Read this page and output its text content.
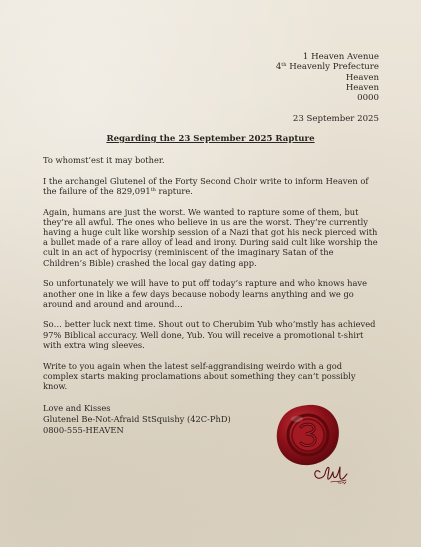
1 Heaven Avenue
4th Heavenly Prefecture
Heaven
Heaven
0000
23 September 2025
Regarding the 23 September 2025 Rapture

To whomst’est it may bother.

I the archangel Glutenel of the Forty Second Choir write to inform Heaven of the failure of the 829,091th rapture.

Again, humans are just the worst. We wanted to rapture some of them, but they’re all awful. The ones who believe in us are the worst. They’re currently having a huge cult like worship session of a Nazi that got his neck pierced with a bullet made of a rare alloy of lead and irony. During said cult like worship the cult in an act of hypocrisy (reminiscent of the imaginary Satan of the Children’s Bible) crashed the local gay dating app.

So unfortunately we will have to put off today’s rapture and who knows have another one in like a few days because nobody learns anything and we go around and around and around…

So… better luck next time. Shout out to Cherubim Yub who’mstly has achieved 97% Biblical accuracy. Well done, Yub. You will receive a promotional t-shirt with extra wing sleeves.

Write to you again when the latest self-aggrandising weirdo with a god complex starts making proclamations about something they can’t possibly know.

Love and Kisses
Glutenel Be-Not-Afraid StSquishy (42C-PhD)
0800-555-HEAVEN
